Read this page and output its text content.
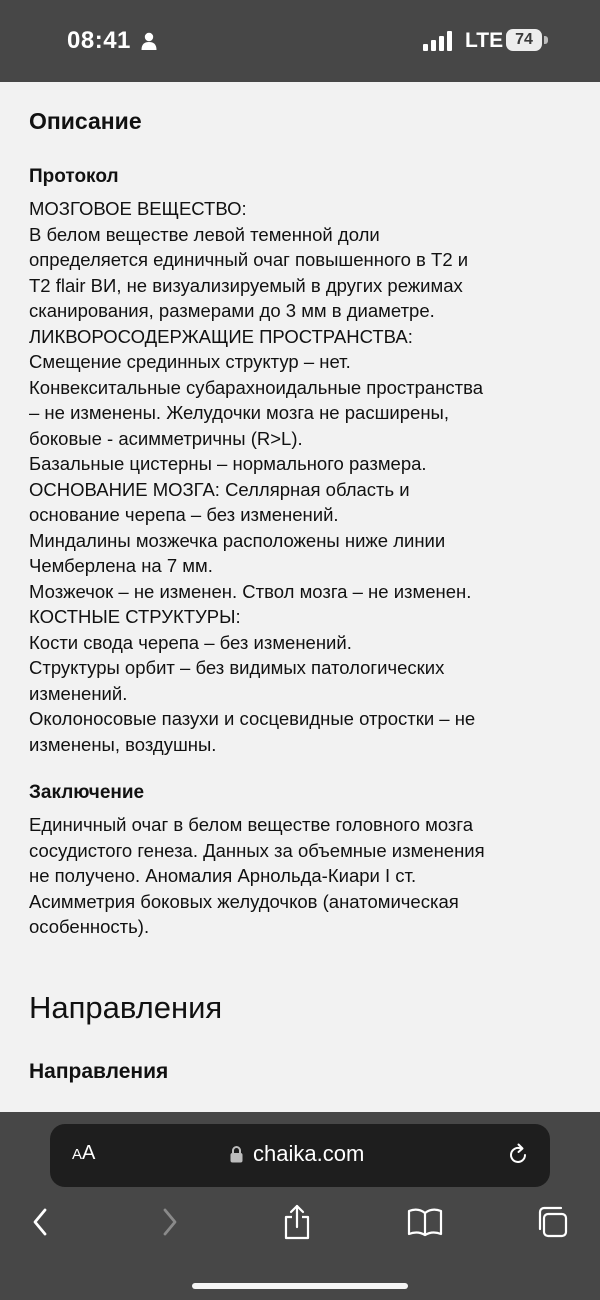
08:41	LTE 74
Описание
Протокол
МОЗГОВОЕ ВЕЩЕСТВО:
В белом веществе левой теменной доли
определяется единичный очаг повышенного в Т2 и
Т2 flair ВИ, не визуализируемый в других режимах
сканирования, размерами до 3 мм в диаметре.
ЛИКВОРОСОДЕРЖАЩИЕ ПРОСТРАНСТВА:
Смещение срединных структур – нет.
Конвекситальные субарахноидальные пространства
– не изменены. Желудочки мозга не расширены,
боковые - асимметричны (R>L).
Базальные цистерны – нормального размера.
ОСНОВАНИЕ МОЗГА: Селлярная область и
основание черепа – без изменений.
Миндалины мозжечка расположены ниже линии
Чемберлена на 7 мм.
Мозжечок – не изменен. Ствол мозга – не изменен.
КОСТНЫЕ СТРУКТУРЫ:
Кости свода черепа – без изменений.
Структуры орбит – без видимых патологических
изменений.
Околоносовые пазухи и сосцевидные отростки – не
изменены, воздушны.
Заключение
Единичный очаг в белом веществе головного мозга
сосудистого генеза. Данных за объемные изменения
не получено. Аномалия Арнольда-Киари I ст.
Асимметрия боковых желудочков (анатомическая
особенность).
Направления
Направления
AA	chaika.com
